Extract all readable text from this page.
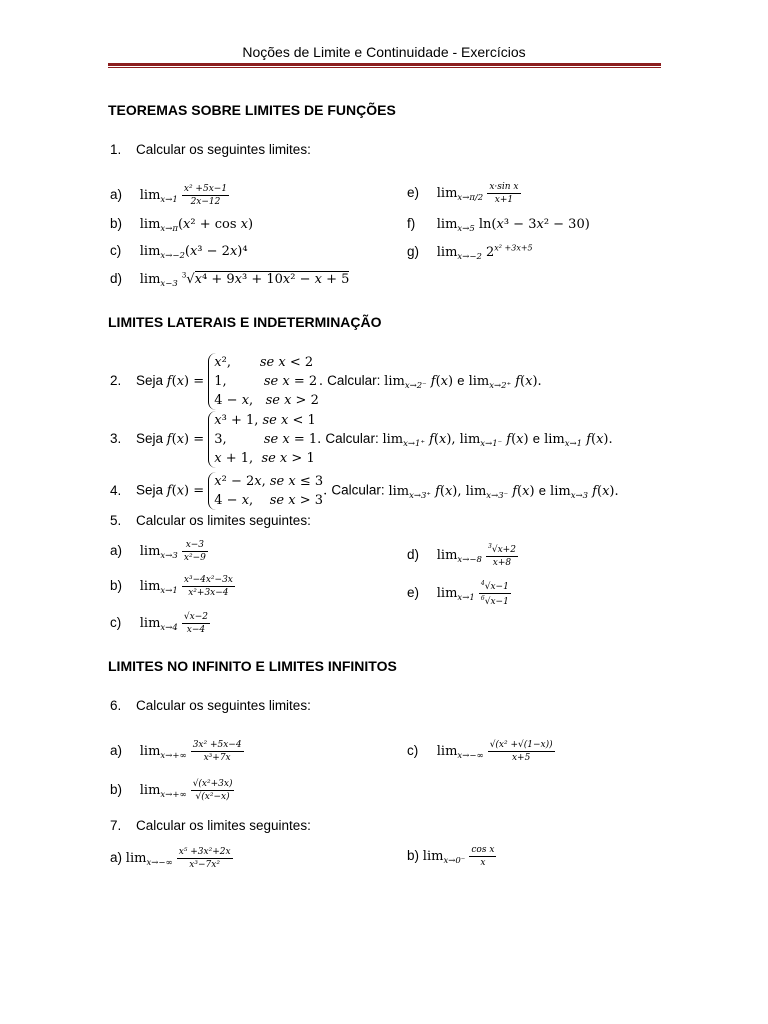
Noções de Limite e Continuidade - Exercícios
TEOREMAS SOBRE LIMITES DE FUNÇÕES
1. Calcular os seguintes limites:
a) $\lim_{x\to 1} \frac{\text{x² +5x−1}}{2x-12}$
b) $\lim_{x\to\pi}(x^2 + \cos x)$
c) $\lim_{x\to-2}(x^3 - 2x)^4$
d) $\lim_{x-3} ^3√x^4 + 9x^3 + 10x^2 - x + 5$
e) $\lim_{x\to\pi/2} \frac{\text{x·sin x}}{x+1}$
f) $\lim_{x\to 5} \ln(x^3 - 3x^2 - 30)$
g) $\lim_{x\to-2} 2^{x^2 +3x+5}$
LIMITES LATERAIS E INDETERMINAÇÃO
2. Seja f(x) =
x²,       se x < 2
1,         se x = 2
4 − x,   se x > 2
. Calcular: $\lim_{x\to 2^-} f(x)$ e $\lim_{x\to 2^+} f(x)$.
3. Seja f(x) =
x³ + 1, se x < 1
3,         se x = 1
x + 1,  se x > 1
. Calcular: $\lim_{x\to 1^+} f(x)$, $\lim_{x\to 1^-} f(x)$ e $\lim_{x\to 1} f(x)$.
4. Seja f(x) =
x² − 2x, se x ≤ 3
4 − x,    se x > 3
. Calcular: $\lim_{x\to 3^+} f(x)$, $\lim_{x\to 3^-} f(x)$ e $\lim_{x\to 3} f(x)$.
5. Calcular os limites seguintes:
a) $\lim_{x\to 3} \frac{x-3}{\text{x²−9}}$
b) $\lim_{x\to 1} \frac{\text{x³−4x²−3x}}{\text{x²+3x−4}}$
c) $\lim_{x\to 4} \frac{√x-2}{x-4}$
d) $\lim_{x\to-8} \frac{^3√x+2}{x+8}$
e) $\lim_{x\to 1} \frac{^4√x-1}{^6√x-1}$
LIMITES NO INFINITO E LIMITES INFINITOS
6. Calcular os seguintes limites:
a) $\lim_{x\to+\infty} \frac{\text{3x² +5x−4}}{\text{x³+7x}}$
b) $\lim_{x\to+\infty} \frac{\text{√(x²+3x)}}{\text{√(x²−x)}}$
c) $\lim_{x\to-\infty} \frac{\text{√(x² +√(1−x))}}{x+5}$
7. Calcular os limites seguintes:
a) $\lim_{x\to-\infty} \frac{\text{x⁵ +3x²+2x}}{\text{x³−7x²}}$	b) $\lim_{x\to 0^-} \frac{\text{cos x}}{x}$
